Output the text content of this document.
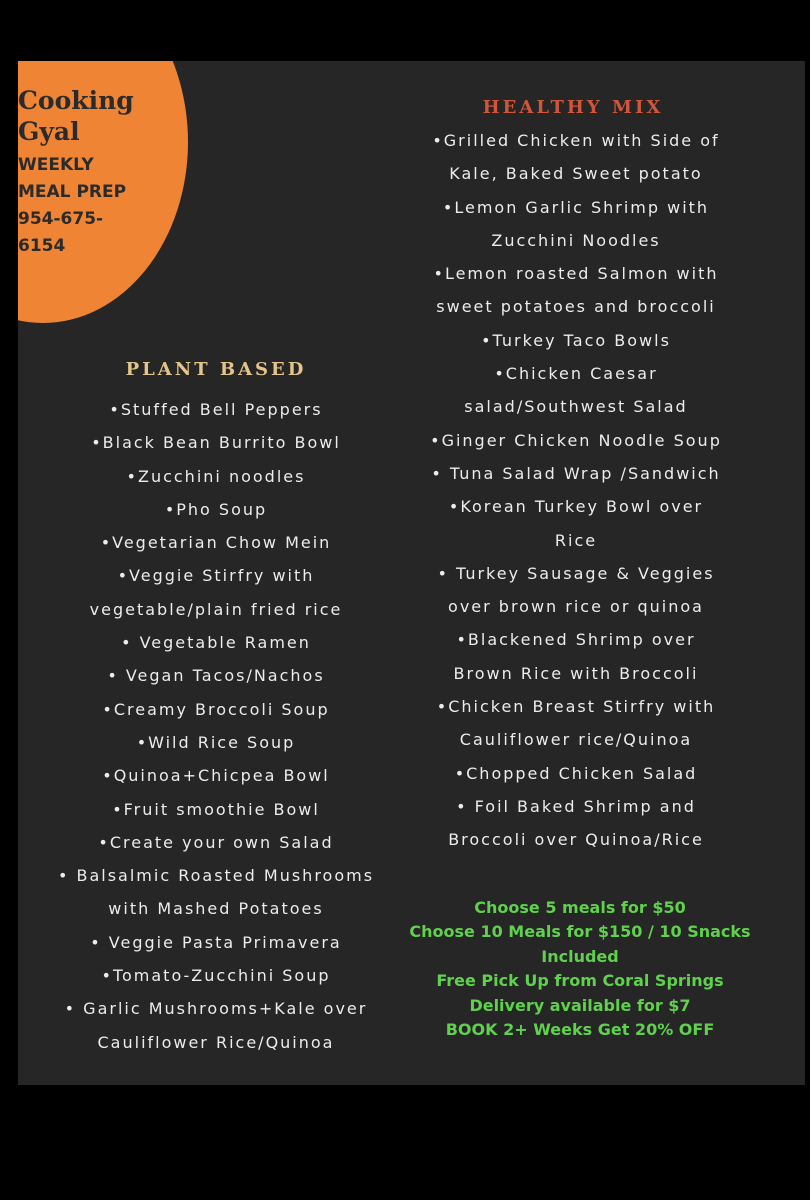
Cooking Gyal

WEEKLY MEAL PREP
954-675-6154
PLANT BASED
•Stuffed Bell Peppers
•Black Bean Burrito Bowl
•Zucchini noodles
•Pho Soup
•Vegetarian Chow Mein
•Veggie Stirfry with
vegetable/plain fried rice
• Vegetable Ramen
• Vegan Tacos/Nachos
•Creamy Broccoli Soup
•Wild Rice Soup
•Quinoa+Chicpea Bowl
•Fruit smoothie Bowl
•Create your own Salad
• Balsalmic Roasted Mushrooms
with Mashed Potatoes
• Veggie Pasta Primavera
•Tomato-Zucchini Soup
• Garlic Mushrooms+Kale over
Cauliflower Rice/Quinoa
HEALTHY MIX
•Grilled Chicken with Side of
Kale, Baked Sweet potato
•Lemon Garlic Shrimp with
Zucchini Noodles
•Lemon roasted Salmon with
sweet potatoes and broccoli
•Turkey Taco Bowls
•Chicken Caesar
salad/Southwest Salad
•Ginger Chicken Noodle Soup
• Tuna Salad Wrap /Sandwich
•Korean Turkey Bowl over
Rice
• Turkey Sausage & Veggies
over brown rice or quinoa
•Blackened Shrimp over
Brown Rice with Broccoli
•Chicken Breast Stirfry with
Cauliflower rice/Quinoa
•Chopped Chicken Salad
• Foil Baked Shrimp and
Broccoli over Quinoa/Rice
Choose 5 meals for $50
Choose 10 Meals for $150 / 10 Snacks
Included
Free Pick Up from Coral Springs
Delivery available for $7
BOOK 2+ Weeks Get 20% OFF
